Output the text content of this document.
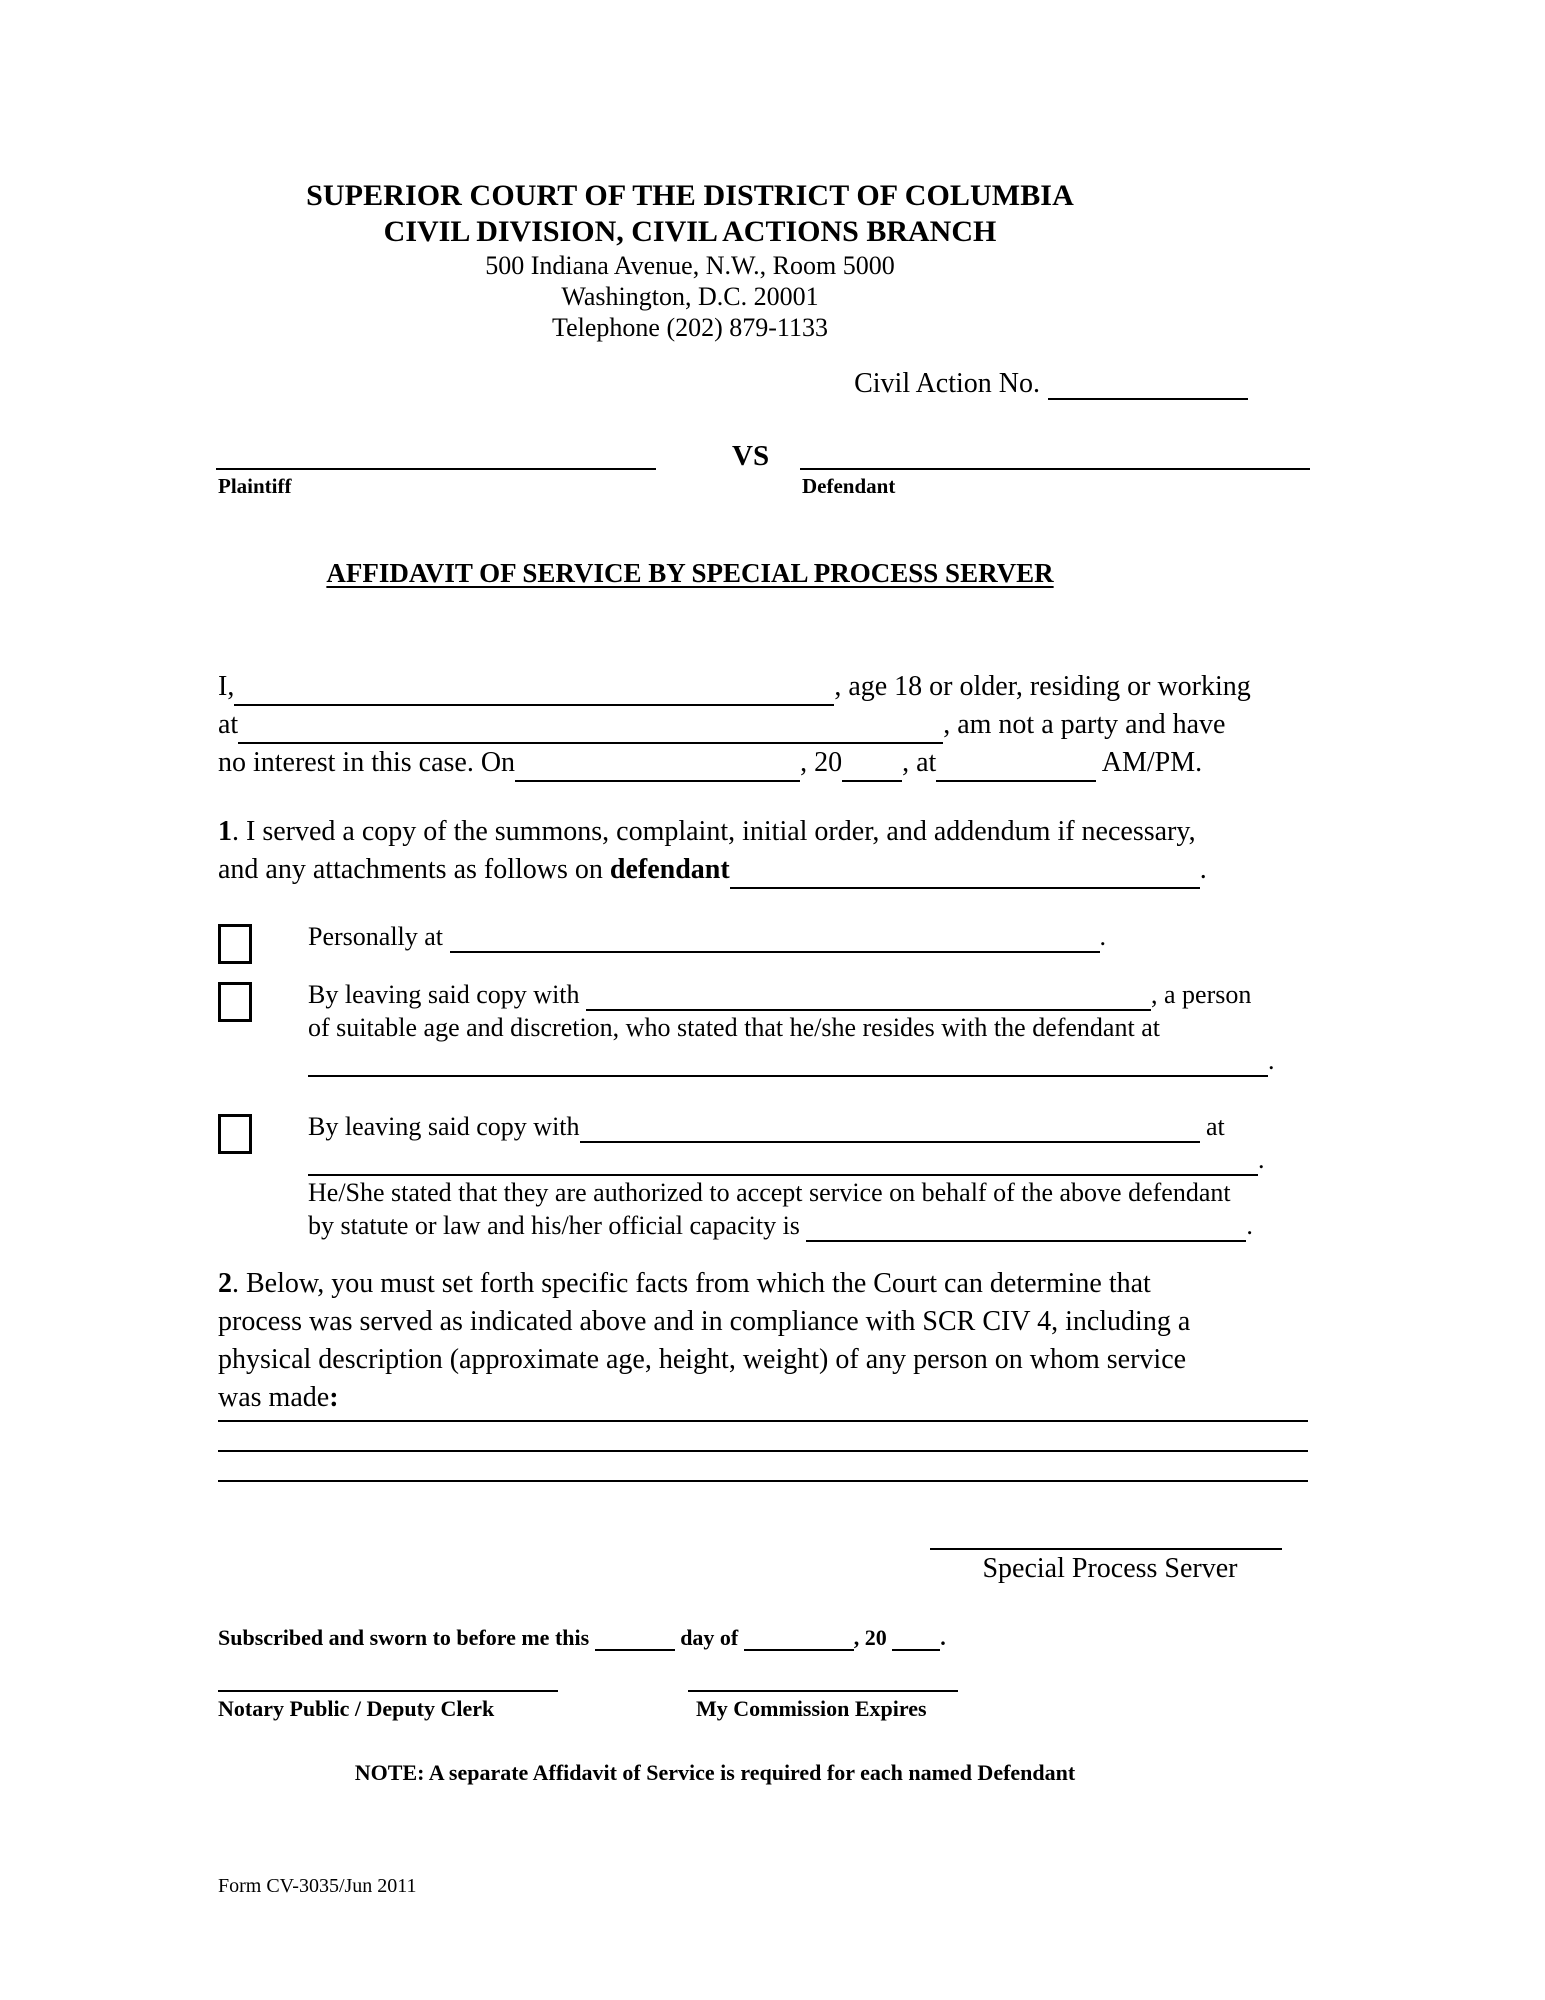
SUPERIOR COURT OF THE DISTRICT OF COLUMBIA
CIVIL DIVISION, CIVIL ACTIONS BRANCH
500 Indiana Avenue, N.W., Room 5000
Washington, D.C. 20001
Telephone (202) 879-1133
Civil Action No.
VS
Plaintiff	Defendant
AFFIDAVIT OF SERVICE BY SPECIAL PROCESS SERVER
I,	, age 18 or older, residing or working
at	, am not a party and have
no interest in this case. On	, 20 , at	AM/PM.
1. I served a copy of the summons, complaint, initial order, and addendum if necessary,
and any attachments as follows on defendant	.
Personally at	.
By leaving said copy with	, a person
of suitable age and discretion, who stated that he/she resides with the defendant at
.
By leaving said copy with	at
.
He/She stated that they are authorized to accept service on behalf of the above defendant
by statute or law and his/her official capacity is	.
2. Below, you must set forth specific facts from which the Court can determine that
process was served as indicated above and in compliance with SCR CIV 4, including a
physical description (approximate age, height, weight) of any person on whom service
was made:
Special Process Server
Subscribed and sworn to before me this	day of	, 20 .
Notary Public / Deputy Clerk	My Commission Expires
NOTE: A separate Affidavit of Service is required for each named Defendant
Form CV-3035/Jun 2011
